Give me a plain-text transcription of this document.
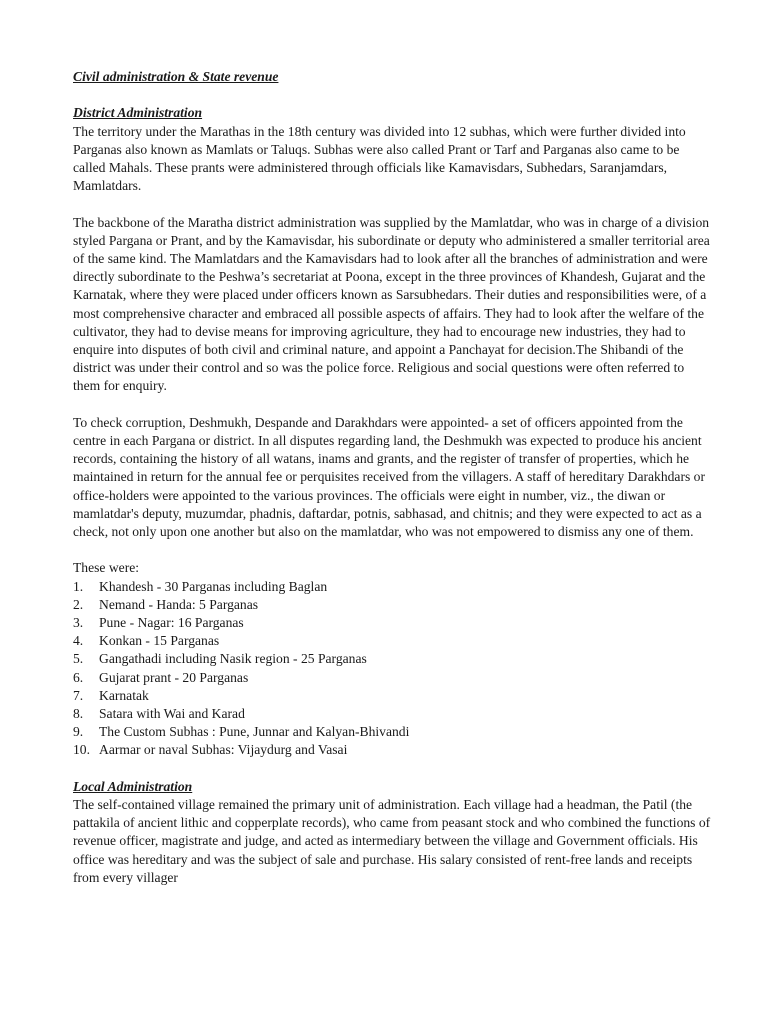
Civil administration & State revenue

District Administration

The territory under the Marathas in the 18th century was divided into 12 subhas, which were further divided into Parganas also known as Mamlats or Taluqs. Subhas were also called Prant or Tarf and Parganas also came to be called Mahals. These prants were administered through officials like Kamavisdars, Subhedars, Saranjamdars, Mamlatdars.

The backbone of the Maratha district administration was supplied by the Mamlatdar, who was in charge of a division styled Pargana or Prant, and by the Kamavisdar, his subordinate or deputy who administered a smaller territorial area of the same kind. The Mamlatdars and the Kamavisdars had to look after all the branches of administration and were directly subordinate to the Peshwa’s secretariat at Poona, except in the three provinces of Khandesh, Gujarat and the Karnatak, where they were placed under officers known as Sarsubhedars. Their duties and responsibilities were, of a most comprehensive character and embraced all possible aspects of affairs. They had to look after the welfare of the cultivator, they had to devise means for improving agriculture, they had to encourage new industries, they had to enquire into disputes of both civil and criminal nature, and appoint a Panchayat for decision.The Shibandi of the district was under their control and so was the police force. Religious and social questions were often referred to them for enquiry.

To check corruption, Deshmukh, Despande and Darakhdars were appointed- a set of officers appointed from the centre in each Pargana or district. In all disputes regarding land, the Deshmukh was expected to produce his ancient records, containing the history of all watans, inams and grants, and the register of transfer of properties, which he maintained in return for the annual fee or perquisites received from the villagers. A staff of hereditary Darakhdars or office-holders were appointed to the various provinces. The officials were eight in number, viz., the diwan or mamlatdar's deputy, muzumdar, phadnis, daftardar, potnis, sabhasad, and chitnis; and they were expected to act as a check, not only upon one another but also on the mamlatdar, who was not empowered to dismiss any one of them.

These were:

1.	Khandesh - 30 Parganas including Baglan
2.	Nemand - Handa: 5 Parganas
3.	Pune - Nagar: 16 Parganas
4.	Konkan - 15 Parganas
5.	Gangathadi including Nasik region - 25 Parganas
6.	Gujarat prant - 20 Parganas
7.	Karnatak
8.	Satara with Wai and Karad
9.	The Custom Subhas : Pune, Junnar and Kalyan-Bhivandi
10. Aarmar or naval Subhas: Vijaydurg and Vasai

Local Administration

The self-contained village remained the primary unit of administration. Each village had a headman, the Patil (the pattakila of ancient lithic and copperplate records), who came from peasant stock and who combined the functions of revenue officer, magistrate and judge, and acted as intermediary between the village and Government officials. His office was hereditary and was the subject of sale and purchase. His salary consisted of rent-free lands and receipts from every villager
